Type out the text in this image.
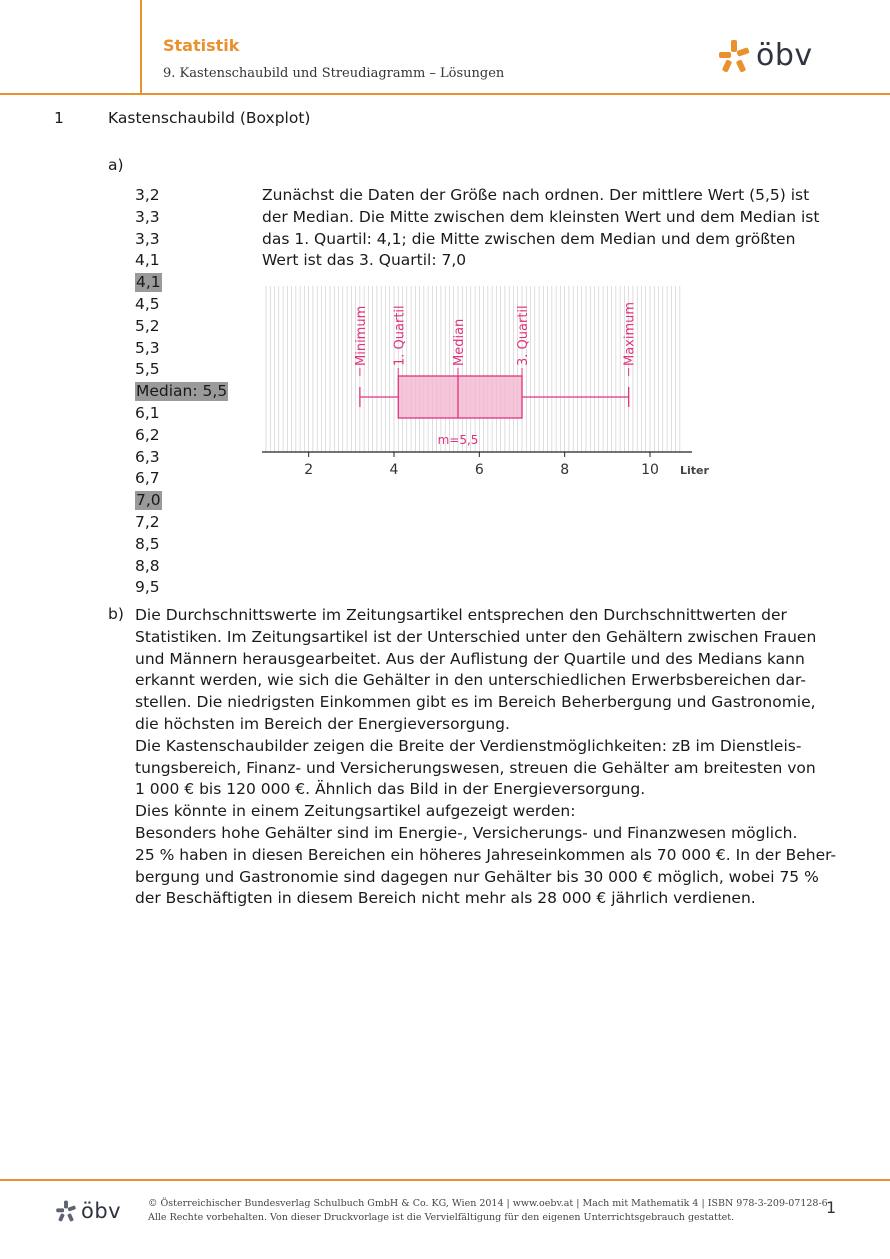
Statistik
9. Kastenschaubild und Streudiagramm – Lösungen
öbv
1	Kastenschaubild (Boxplot)
a)
3,2
3,3
3,3
4,1
4,1
4,5
5,2
5,3
5,5
Median: 5,5
6,1
6,2
6,3
6,7
7,0
7,2
8,5
8,8
9,5
Zunächst die Daten der Größe nach ordnen. Der mittlere Wert (5,5) ist der Median. Die Mitte zwischen dem kleinsten Wert und dem Median ist das 1. Quartil: 4,1; die Mitte zwischen dem Median und dem größten Wert ist das 3. Quartil: 7,0
2	4	6	8	10 Liter
m=5,5
Minimum 1. Quartil	Median	3. Quartil	Maximum
b) Die Durchschnittswerte im Zeitungsartikel entsprechen den Durchschnittwerten der
Statistiken. Im Zeitungsartikel ist der Unterschied unter den Gehältern zwischen Frauen
und Männern herausgearbeitet. Aus der Auflistung der Quartile und des Medians kann
erkannt werden, wie sich die Gehälter in den unterschiedlichen Erwerbsbereichen dar-
stellen. Die niedrigsten Einkommen gibt es im Bereich Beherbergung und Gastronomie,
die höchsten im Bereich der Energieversorgung.
Die Kastenschaubilder zeigen die Breite der Verdienstmöglichkeiten: zB im Dienstleis-
tungsbereich, Finanz- und Versicherungswesen, streuen die Gehälter am breitesten von
1 000 € bis 120 000 €. Ähnlich das Bild in der Energieversorgung.
Dies könnte in einem Zeitungsartikel aufgezeigt werden:
Besonders hohe Gehälter sind im Energie-, Versicherungs- und Finanzwesen möglich.
25 % haben in diesen Bereichen ein höheres Jahreseinkommen als 70 000 €. In der Beher-
bergung und Gastronomie sind dagegen nur Gehälter bis 30 000 € möglich, wobei 75 %
der Beschäftigten in diesem Bereich nicht mehr als 28 000 € jährlich verdienen.
öbv	© Österreichischer Bundesverlag Schulbuch GmbH & Co. KG, Wien 2014 | www.oebv.at | Mach mit Mathematik 4 | ISBN 978-3-209-07128-6
Alle Rechte vorbehalten. Von dieser Druckvorlage ist die Vervielfältigung für den eigenen Unterrichtsgebrauch gestattet.
1
